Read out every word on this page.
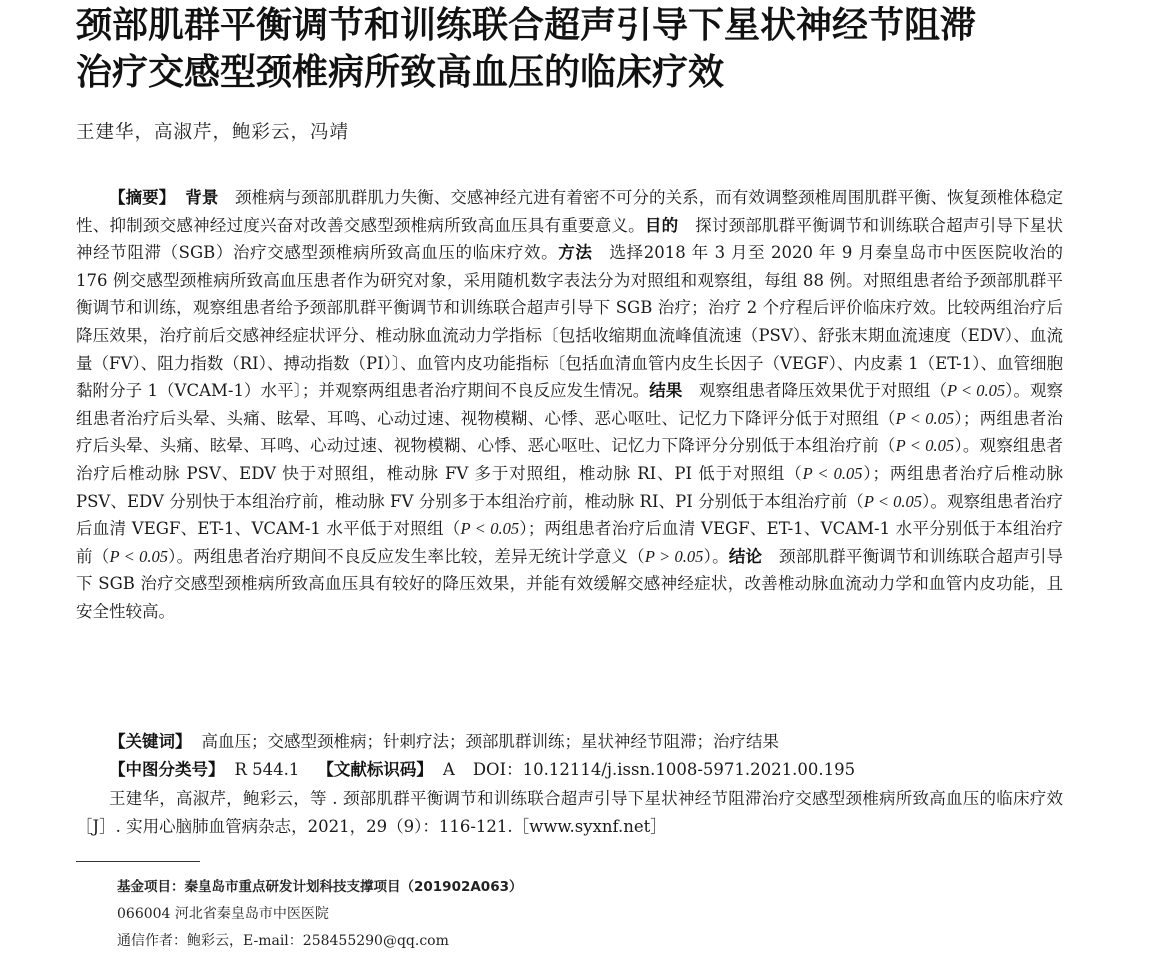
颈部肌群平衡调节和训练联合超声引导下星状神经节阻滞
治疗交感型颈椎病所致高血压的临床疗效
王建华，高淑芹，鲍彩云，冯靖

【摘要】 背景  颈椎病与颈部肌群肌力失衡、交感神经亢进有着密不可分的关系，而有效调整颈椎周围肌群平衡、恢复颈椎体稳定性、抑制颈交感神经过度兴奋对改善交感型颈椎病所致高血压具有重要意义。目的  探讨颈部肌群平衡调节和训练联合超声引导下星状神经节阻滞（SGB）治疗交感型颈椎病所致高血压的临床疗效。方法  选择2018 年 3 月至 2020 年 9 月秦皇岛市中医医院收治的 176 例交感型颈椎病所致高血压患者作为研究对象，采用随机数字表法分为对照组和观察组，每组 88 例。对照组患者给予颈部肌群平衡调节和训练，观察组患者给予颈部肌群平衡调节和训练联合超声引导下 SGB 治疗；治疗 2 个疗程后评价临床疗效。比较两组治疗后降压效果，治疗前后交感神经症状评分、椎动脉血流动力学指标〔包括收缩期血流峰值流速（PSV）、舒张末期血流速度（EDV）、血流量（FV）、阻力指数（RI）、搏动指数（PI）〕、血管内皮功能指标〔包括血清血管内皮生长因子（VEGF）、内皮素 1（ET-1）、血管细胞黏附分子 1（VCAM-1）水平〕；并观察两组患者治疗期间不良反应发生情况。结果  观察组患者降压效果优于对照组（P < 0.05）。观察组患者治疗后头晕、头痛、眩晕、耳鸣、心动过速、视物模糊、心悸、恶心呕吐、记忆力下降评分低于对照组（P < 0.05）；两组患者治疗后头晕、头痛、眩晕、耳鸣、心动过速、视物模糊、心悸、恶心呕吐、记忆力下降评分分别低于本组治疗前（P < 0.05）。观察组患者治疗后椎动脉 PSV、EDV 快于对照组，椎动脉 FV 多于对照组，椎动脉 RI、PI 低于对照组（P < 0.05）；两组患者治疗后椎动脉 PSV、EDV 分别快于本组治疗前，椎动脉 FV 分别多于本组治疗前，椎动脉 RI、PI 分别低于本组治疗前（P < 0.05）。观察组患者治疗后血清 VEGF、ET-1、VCAM-1 水平低于对照组（P < 0.05）；两组患者治疗后血清 VEGF、ET-1、VCAM-1 水平分别低于本组治疗前（P < 0.05）。两组患者治疗期间不良反应发生率比较，差异无统计学意义（P > 0.05）。结论  颈部肌群平衡调节和训练联合超声引导下 SGB 治疗交感型颈椎病所致高血压具有较好的降压效果，并能有效缓解交感神经症状，改善椎动脉血流动力学和血管内皮功能，且安全性较高。

【关键词】 高血压；交感型颈椎病；针刺疗法；颈部肌群训练；星状神经节阻滞；治疗结果

【中图分类号】 R 544.1 【文献标识码】 A DOI：10.12114/j.issn.1008-5971.2021.00.195

王建华，高淑芹，鲍彩云，等 . 颈部肌群平衡调节和训练联合超声引导下星状神经节阻滞治疗交感型颈椎病所致高血压的临床疗效［J］. 实用心脑肺血管病杂志，2021，29（9）：116-121.［www.syxnf.net］

基金项目：秦皇岛市重点研发计划科技支撑项目（201902A063）
066004 河北省秦皇岛市中医医院
通信作者：鲍彩云，E-mail：258455290@qq.com
